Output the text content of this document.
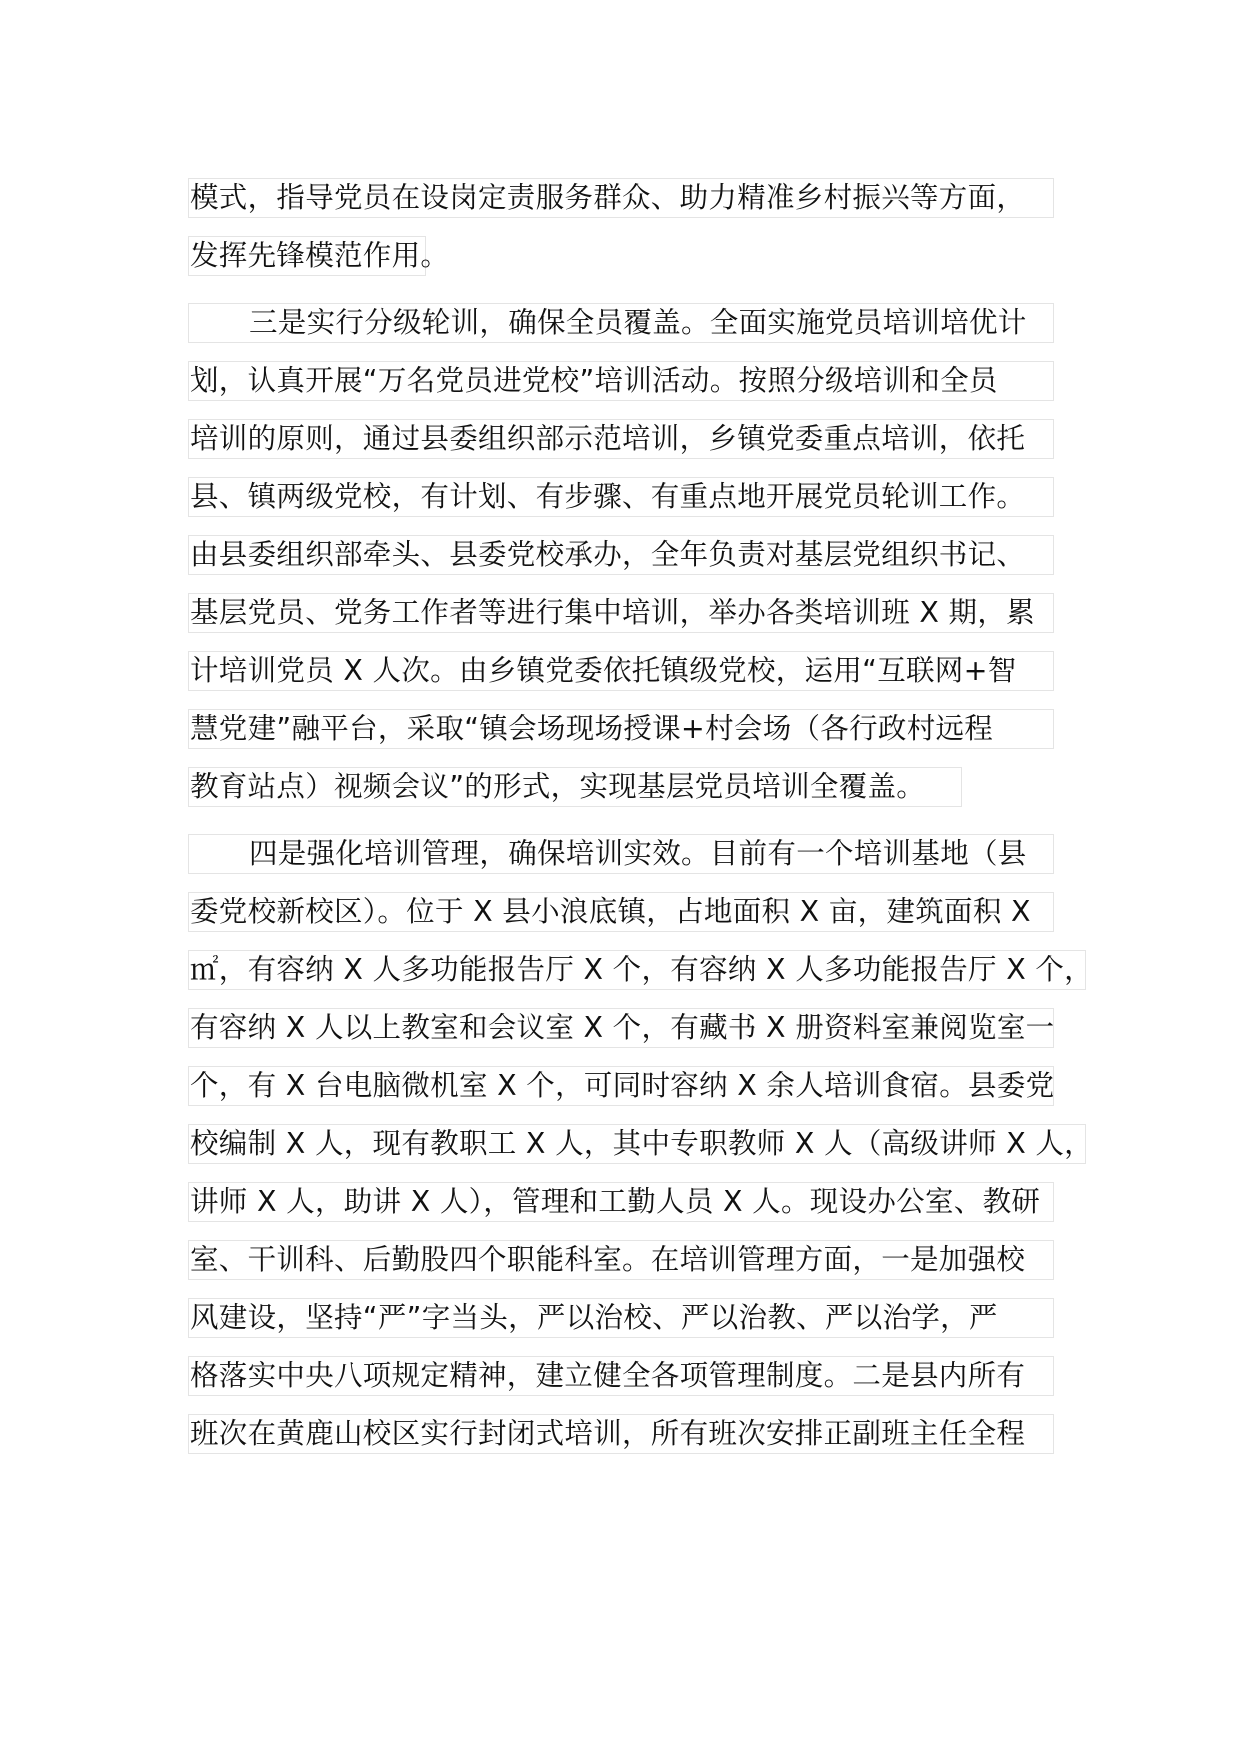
模式，指导党员在设岗定责服务群众、助力精准乡村振兴等方面，
发挥先锋模范作用。
三是实行分级轮训，确保全员覆盖。全面实施党员培训培优计
划，认真开展“万名党员进党校”培训活动。按照分级培训和全员
培训的原则，通过县委组织部示范培训，乡镇党委重点培训，依托
县、镇两级党校，有计划、有步骤、有重点地开展党员轮训工作。
由县委组织部牵头、县委党校承办，全年负责对基层党组织书记、
基层党员、党务工作者等进行集中培训，举办各类培训班 X 期，累
计培训党员 X 人次。由乡镇党委依托镇级党校，运用“互联网+智
慧党建”融平台，采取“镇会场现场授课+村会场（各行政村远程
教育站点）视频会议”的形式，实现基层党员培训全覆盖。
四是强化培训管理，确保培训实效。目前有一个培训基地（县
委党校新校区）。位于 X 县小浪底镇，占地面积 X 亩，建筑面积 X
㎡，有容纳 X 人多功能报告厅 X 个，有容纳 X 人多功能报告厅 X 个，
有容纳 X 人以上教室和会议室 X 个，有藏书 X 册资料室兼阅览室一
个，有 X 台电脑微机室 X 个，可同时容纳 X 余人培训食宿。县委党
校编制 X 人，现有教职工 X 人，其中专职教师 X 人（高级讲师 X 人，
讲师 X 人，助讲 X 人），管理和工勤人员 X 人。现设办公室、教研
室、干训科、后勤股四个职能科室。在培训管理方面，一是加强校
风建设，坚持“严”字当头，严以治校、严以治教、严以治学，严
格落实中央八项规定精神，建立健全各项管理制度。二是县内所有
班次在黄鹿山校区实行封闭式培训，所有班次安排正副班主任全程
